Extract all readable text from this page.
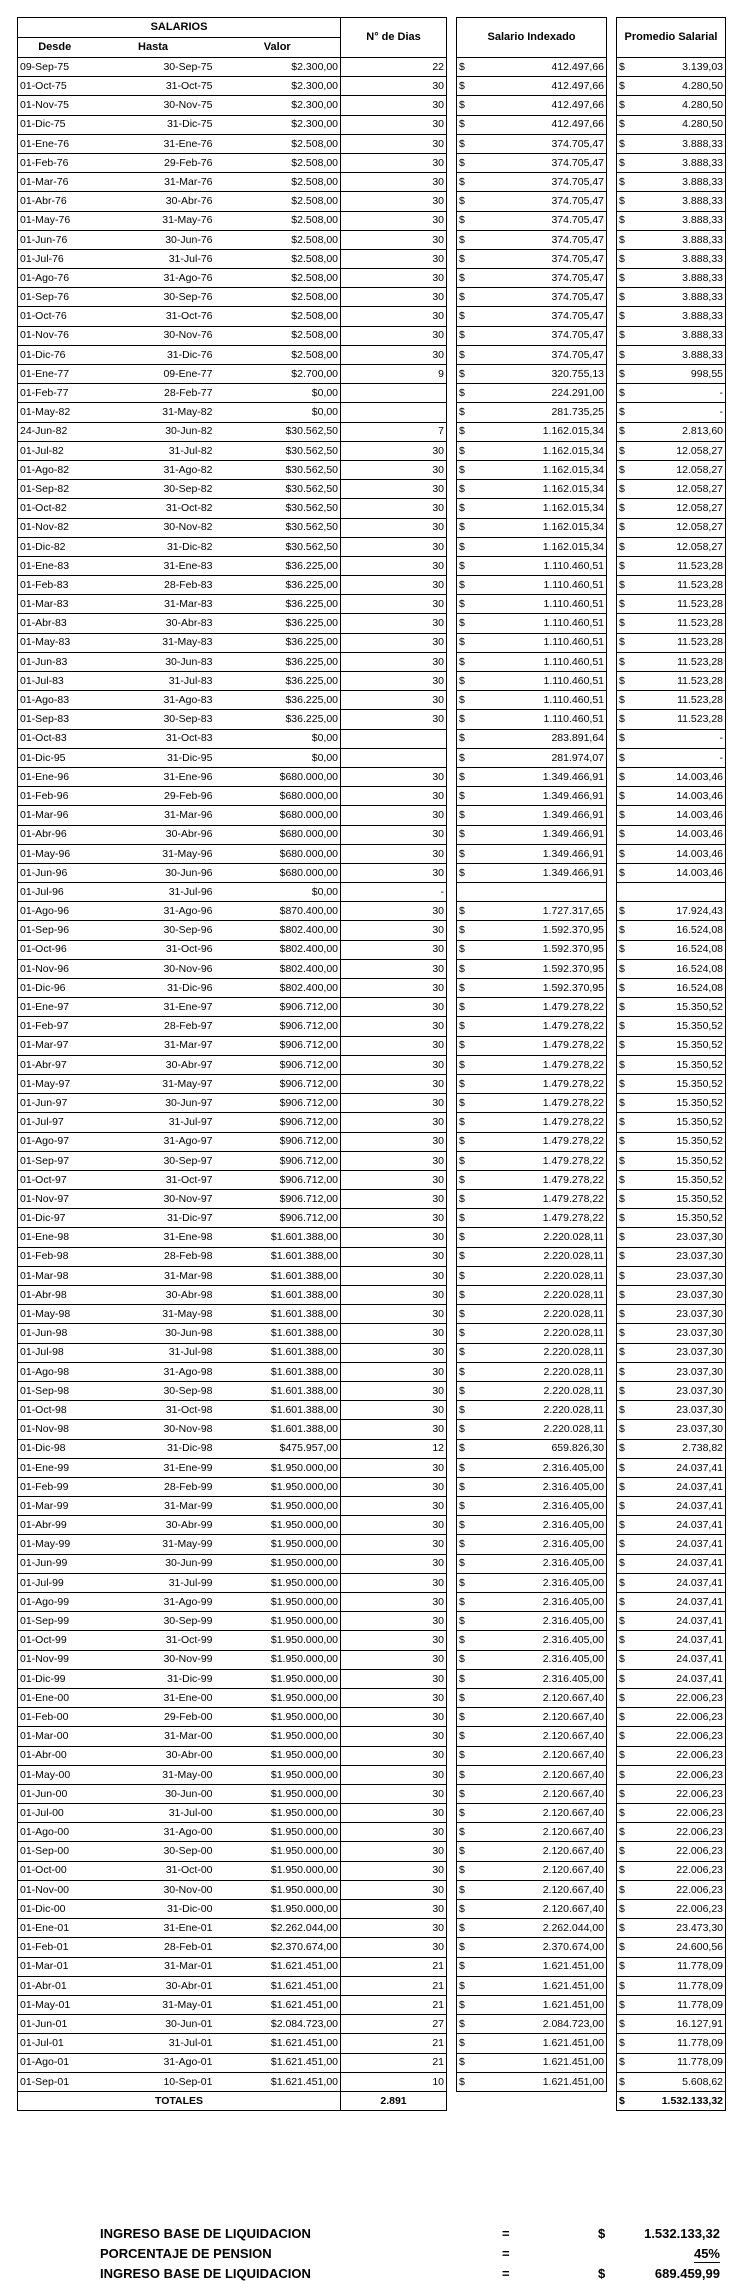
SALARIOS			N° de Dias		Salario Indexado			Promedio Salarial	
Desde	Hasta	Valor							
09-Sep-75	30-Sep-75	$2.300,00	22		$	412.497,66		$	3.139,03
01-Oct-75	31-Oct-75	$2.300,00	30		$	412.497,66		$	4.280,50
01-Nov-75	30-Nov-75	$2.300,00	30		$	412.497,66		$	4.280,50
01-Dic-75	31-Dic-75	$2.300,00	30		$	412.497,66		$	4.280,50
01-Ene-76	31-Ene-76	$2.508,00	30		$	374.705,47		$	3.888,33
01-Feb-76	29-Feb-76	$2.508,00	30		$	374.705,47		$	3.888,33
01-Mar-76	31-Mar-76	$2.508,00	30		$	374.705,47		$	3.888,33
01-Abr-76	30-Abr-76	$2.508,00	30		$	374.705,47		$	3.888,33
01-May-76	31-May-76	$2.508,00	30		$	374.705,47		$	3.888,33
01-Jun-76	30-Jun-76	$2.508,00	30		$	374.705,47		$	3.888,33
01-Jul-76	31-Jul-76	$2.508,00	30		$	374.705,47		$	3.888,33
01-Ago-76	31-Ago-76	$2.508,00	30		$	374.705,47		$	3.888,33
01-Sep-76	30-Sep-76	$2.508,00	30		$	374.705,47		$	3.888,33
01-Oct-76	31-Oct-76	$2.508,00	30		$	374.705,47		$	3.888,33
01-Nov-76	30-Nov-76	$2.508,00	30		$	374.705,47		$	3.888,33
01-Dic-76	31-Dic-76	$2.508,00	30		$	374.705,47		$	3.888,33
01-Ene-77	09-Ene-77	$2.700,00	9		$	320.755,13		$	998,55
01-Feb-77	28-Feb-77	$0,00			$	224.291,00		$	-
01-May-82	31-May-82	$0,00			$	281.735,25		$	-
24-Jun-82	30-Jun-82	$30.562,50	7		$	1.162.015,34		$	2.813,60
01-Jul-82	31-Jul-82	$30.562,50	30		$	1.162.015,34		$	12.058,27
01-Ago-82	31-Ago-82	$30.562,50	30		$	1.162.015,34		$	12.058,27
01-Sep-82	30-Sep-82	$30.562,50	30		$	1.162.015,34		$	12.058,27
01-Oct-82	31-Oct-82	$30.562,50	30		$	1.162.015,34		$	12.058,27
01-Nov-82	30-Nov-82	$30.562,50	30		$	1.162.015,34		$	12.058,27
01-Dic-82	31-Dic-82	$30.562,50	30		$	1.162.015,34		$	12.058,27
01-Ene-83	31-Ene-83	$36.225,00	30		$	1.110.460,51		$	11.523,28
01-Feb-83	28-Feb-83	$36.225,00	30		$	1.110.460,51		$	11.523,28
01-Mar-83	31-Mar-83	$36.225,00	30		$	1.110.460,51		$	11.523,28
01-Abr-83	30-Abr-83	$36.225,00	30		$	1.110.460,51		$	11.523,28
01-May-83	31-May-83	$36.225,00	30		$	1.110.460,51		$	11.523,28
01-Jun-83	30-Jun-83	$36.225,00	30		$	1.110.460,51		$	11.523,28
01-Jul-83	31-Jul-83	$36.225,00	30		$	1.110.460,51		$	11.523,28
01-Ago-83	31-Ago-83	$36.225,00	30		$	1.110.460,51		$	11.523,28
01-Sep-83	30-Sep-83	$36.225,00	30		$	1.110.460,51		$	11.523,28
01-Oct-83	31-Oct-83	$0,00			$	283.891,64		$	-
01-Dic-95	31-Dic-95	$0,00			$	281.974,07		$	-
01-Ene-96	31-Ene-96	$680.000,00	30		$	1.349.466,91		$	14.003,46
01-Feb-96	29-Feb-96	$680.000,00	30		$	1.349.466,91		$	14.003,46
01-Mar-96	31-Mar-96	$680.000,00	30		$	1.349.466,91		$	14.003,46
01-Abr-96	30-Abr-96	$680.000,00	30		$	1.349.466,91		$	14.003,46
01-May-96	31-May-96	$680.000,00	30		$	1.349.466,91		$	14.003,46
01-Jun-96	30-Jun-96	$680.000,00	30		$	1.349.466,91		$	14.003,46
01-Jul-96	31-Jul-96	$0,00	-						
01-Ago-96	31-Ago-96	$870.400,00	30		$	1.727.317,65		$	17.924,43
01-Sep-96	30-Sep-96	$802.400,00	30		$	1.592.370,95		$	16.524,08
01-Oct-96	31-Oct-96	$802.400,00	30		$	1.592.370,95		$	16.524,08
01-Nov-96	30-Nov-96	$802.400,00	30		$	1.592.370,95		$	16.524,08
01-Dic-96	31-Dic-96	$802.400,00	30		$	1.592.370,95		$	16.524,08
01-Ene-97	31-Ene-97	$906.712,00	30		$	1.479.278,22		$	15.350,52
01-Feb-97	28-Feb-97	$906.712,00	30		$	1.479.278,22		$	15.350,52
01-Mar-97	31-Mar-97	$906.712,00	30		$	1.479.278,22		$	15.350,52
01-Abr-97	30-Abr-97	$906.712,00	30		$	1.479.278,22		$	15.350,52
01-May-97	31-May-97	$906.712,00	30		$	1.479.278,22		$	15.350,52
01-Jun-97	30-Jun-97	$906.712,00	30		$	1.479.278,22		$	15.350,52
01-Jul-97	31-Jul-97	$906.712,00	30		$	1.479.278,22		$	15.350,52
01-Ago-97	31-Ago-97	$906.712,00	30		$	1.479.278,22		$	15.350,52
01-Sep-97	30-Sep-97	$906.712,00	30		$	1.479.278,22		$	15.350,52
01-Oct-97	31-Oct-97	$906.712,00	30		$	1.479.278,22		$	15.350,52
01-Nov-97	30-Nov-97	$906.712,00	30		$	1.479.278,22		$	15.350,52
01-Dic-97	31-Dic-97	$906.712,00	30		$	1.479.278,22		$	15.350,52
01-Ene-98	31-Ene-98	$1.601.388,00	30		$	2.220.028,11		$	23.037,30
01-Feb-98	28-Feb-98	$1.601.388,00	30		$	2.220.028,11		$	23.037,30
01-Mar-98	31-Mar-98	$1.601.388,00	30		$	2.220.028,11		$	23.037,30
01-Abr-98	30-Abr-98	$1.601.388,00	30		$	2.220.028,11		$	23.037,30
01-May-98	31-May-98	$1.601.388,00	30		$	2.220.028,11		$	23.037,30
01-Jun-98	30-Jun-98	$1.601.388,00	30		$	2.220.028,11		$	23.037,30
01-Jul-98	31-Jul-98	$1.601.388,00	30		$	2.220.028,11		$	23.037,30
01-Ago-98	31-Ago-98	$1.601.388,00	30		$	2.220.028,11		$	23.037,30
01-Sep-98	30-Sep-98	$1.601.388,00	30		$	2.220.028,11		$	23.037,30
01-Oct-98	31-Oct-98	$1.601.388,00	30		$	2.220.028,11		$	23.037,30
01-Nov-98	30-Nov-98	$1.601.388,00	30		$	2.220.028,11		$	23.037,30
01-Dic-98	31-Dic-98	$475.957,00	12		$	659.826,30		$	2.738,82
01-Ene-99	31-Ene-99	$1.950.000,00	30		$	2.316.405,00		$	24.037,41
01-Feb-99	28-Feb-99	$1.950.000,00	30		$	2.316.405,00		$	24.037,41
01-Mar-99	31-Mar-99	$1.950.000,00	30		$	2.316.405,00		$	24.037,41
01-Abr-99	30-Abr-99	$1.950.000,00	30		$	2.316.405,00		$	24.037,41
01-May-99	31-May-99	$1.950.000,00	30		$	2.316.405,00		$	24.037,41
01-Jun-99	30-Jun-99	$1.950.000,00	30		$	2.316.405,00		$	24.037,41
01-Jul-99	31-Jul-99	$1.950.000,00	30		$	2.316.405,00		$	24.037,41
01-Ago-99	31-Ago-99	$1.950.000,00	30		$	2.316.405,00		$	24.037,41
01-Sep-99	30-Sep-99	$1.950.000,00	30		$	2.316.405,00		$	24.037,41
01-Oct-99	31-Oct-99	$1.950.000,00	30		$	2.316.405,00		$	24.037,41
01-Nov-99	30-Nov-99	$1.950.000,00	30		$	2.316.405,00		$	24.037,41
01-Dic-99	31-Dic-99	$1.950.000,00	30		$	2.316.405,00		$	24.037,41
01-Ene-00	31-Ene-00	$1.950.000,00	30		$	2.120.667,40		$	22.006,23
01-Feb-00	29-Feb-00	$1.950.000,00	30		$	2.120.667,40		$	22.006,23
01-Mar-00	31-Mar-00	$1.950.000,00	30		$	2.120.667,40		$	22.006,23
01-Abr-00	30-Abr-00	$1.950.000,00	30		$	2.120.667,40		$	22.006,23
01-May-00	31-May-00	$1.950.000,00	30		$	2.120.667,40		$	22.006,23
01-Jun-00	30-Jun-00	$1.950.000,00	30		$	2.120.667,40		$	22.006,23
01-Jul-00	31-Jul-00	$1.950.000,00	30		$	2.120.667,40		$	22.006,23
01-Ago-00	31-Ago-00	$1.950.000,00	30		$	2.120.667,40		$	22.006,23
01-Sep-00	30-Sep-00	$1.950.000,00	30		$	2.120.667,40		$	22.006,23
01-Oct-00	31-Oct-00	$1.950.000,00	30		$	2.120.667,40		$	22.006,23
01-Nov-00	30-Nov-00	$1.950.000,00	30		$	2.120.667,40		$	22.006,23
01-Dic-00	31-Dic-00	$1.950.000,00	30		$	2.120.667,40		$	22.006,23
01-Ene-01	31-Ene-01	$2.262.044,00	30		$	2.262.044,00		$	23.473,30
01-Feb-01	28-Feb-01	$2.370.674,00	30		$	2.370.674,00		$	24.600,56
01-Mar-01	31-Mar-01	$1.621.451,00	21		$	1.621.451,00		$	11.778,09
01-Abr-01	30-Abr-01	$1.621.451,00	21		$	1.621.451,00		$	11.778,09
01-May-01	31-May-01	$1.621.451,00	21		$	1.621.451,00		$	11.778,09
01-Jun-01	30-Jun-01	$2.084.723,00	27		$	2.084.723,00		$	16.127,91
01-Jul-01	31-Jul-01	$1.621.451,00	21		$	1.621.451,00		$	11.778,09
01-Ago-01	31-Ago-01	$1.621.451,00	21		$	1.621.451,00		$	11.778,09
01-Sep-01	10-Sep-01	$1.621.451,00	10		$	1.621.451,00		$	5.608,62
TOTALES			2.891					$	1.532.133,32
INGRESO BASE DE LIQUIDACION	=	$	1.532.133,32
PORCENTAJE DE PENSION	=	45%
INGRESO BASE DE LIQUIDACION	=	$	689.459,99
